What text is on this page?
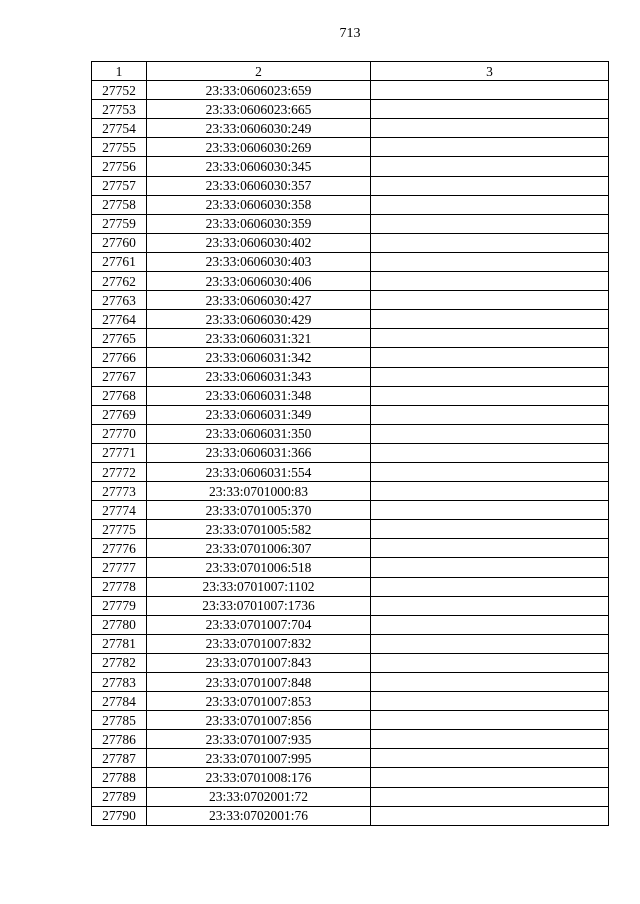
713
1	2	3
27752	23:33:0606023:659	
27753	23:33:0606023:665	
27754	23:33:0606030:249	
27755	23:33:0606030:269	
27756	23:33:0606030:345	
27757	23:33:0606030:357	
27758	23:33:0606030:358	
27759	23:33:0606030:359	
27760	23:33:0606030:402	
27761	23:33:0606030:403	
27762	23:33:0606030:406	
27763	23:33:0606030:427	
27764	23:33:0606030:429	
27765	23:33:0606031:321	
27766	23:33:0606031:342	
27767	23:33:0606031:343	
27768	23:33:0606031:348	
27769	23:33:0606031:349	
27770	23:33:0606031:350	
27771	23:33:0606031:366	
27772	23:33:0606031:554	
27773	23:33:0701000:83	
27774	23:33:0701005:370	
27775	23:33:0701005:582	
27776	23:33:0701006:307	
27777	23:33:0701006:518	
27778	23:33:0701007:1102	
27779	23:33:0701007:1736	
27780	23:33:0701007:704	
27781	23:33:0701007:832	
27782	23:33:0701007:843	
27783	23:33:0701007:848	
27784	23:33:0701007:853	
27785	23:33:0701007:856	
27786	23:33:0701007:935	
27787	23:33:0701007:995	
27788	23:33:0701008:176	
27789	23:33:0702001:72	
27790	23:33:0702001:76	
